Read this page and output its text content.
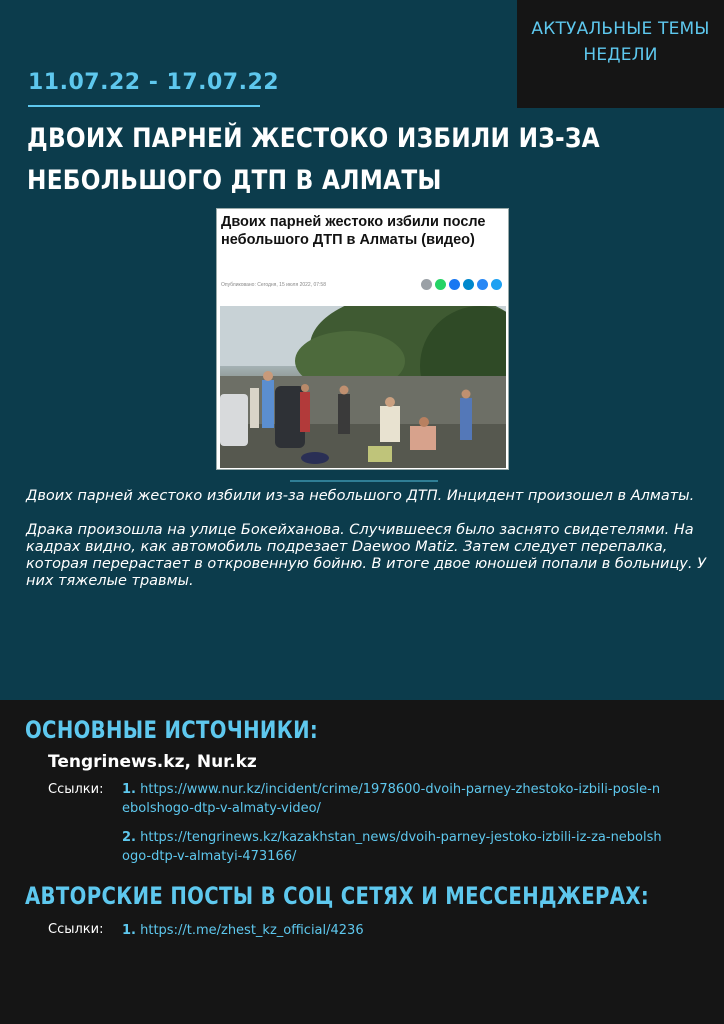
АКТУАЛЬНЫЕ ТЕМЫ
НЕДЕЛИ
11.07.22 - 17.07.22
ДВОИХ ПАРНЕЙ ЖЕСТОКО ИЗБИЛИ ИЗ-ЗА НЕБОЛЬШОГО ДТП В АЛМАТЫ
Двоих парней жестоко избили после небольшого ДТП в Алматы (видео)
Опубликовано: Сегодня, 15 июля 2022, 07:58

Двоих парней жестоко избили из-за небольшого ДТП. Инцидент произошел в Алматы.

Драка произошла на улице Бокейханова. Случившееся было заснято свидетелями. На кадрах видно, как автомобиль подрезает Daewoo Matiz. Затем следует перепалка, которая перерастает в откровенную бойню. В итоге двое юношей попали в больницу. У них тяжелые травмы.

ОСНОВНЫЕ ИСТОЧНИКИ:
Tengrinews.kz, Nur.kz
Ссылки: 1. https://www.nur.kz/incident/crime/1978600-dvoih-parney-zhestoko-izbili-posle-nebolshogo-dtp-v-almaty-video/
2. https://tengrinews.kz/kazakhstan_news/dvoih-parney-jestoko-izbili-iz-za-nebolshogo-dtp-v-almatyi-473166/
АВТОРСКИЕ ПОСТЫ В СОЦ СЕТЯХ И МЕССЕНДЖЕРАХ:
Ссылки: 1. https://t.me/zhest_kz_official/4236
